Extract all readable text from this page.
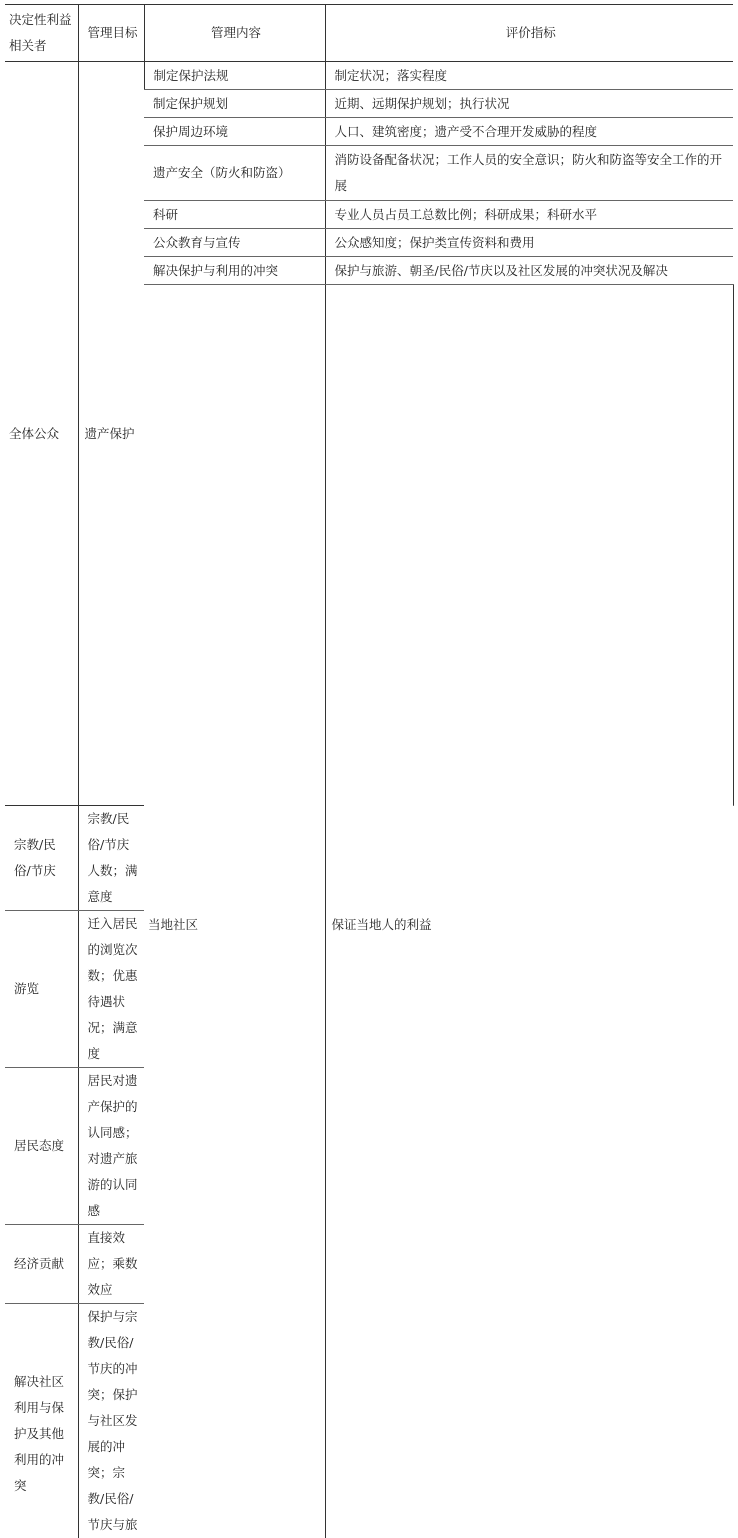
决定性利益相关者	管理目标	管理内容	评价指标	
全体公众	遗产保护	制定保护法规	制定状况；落实程度	
		制定保护规划	近期、远期保护规划；执行状况	
		保护周边环境	人口、建筑密度；遗产受不合理开发威胁的程度	
		遗产安全（防火和防盗）	消防设备配备状况；工作人员的安全意识；防火和防盗等安全工作的开展	
		科研	专业人员占员工总数比例；科研成果；科研水平	
		公众教育与宣传	公众感知度；保护类宣传资料和费用	
		解决保护与利用的冲突	保护与旅游、朝圣/民俗/节庆以及社区发展的冲突状况及解决	
		当地社区	保证当地人的利益		
宗教/民俗/节庆	宗教/民俗/节庆人数；满意度			
游览	迁入居民的浏览次数；优惠待遇状况；满意度			
居民态度	居民对遗产保护的认同感；对遗产旅游的认同感			
经济贡献	直接效应；乘数效应			
解决社区利用与保护及其他利用的冲突	保护与宗教/民俗/节庆的冲突；保护与社区发展的冲突；宗教/民俗/节庆与旅			
